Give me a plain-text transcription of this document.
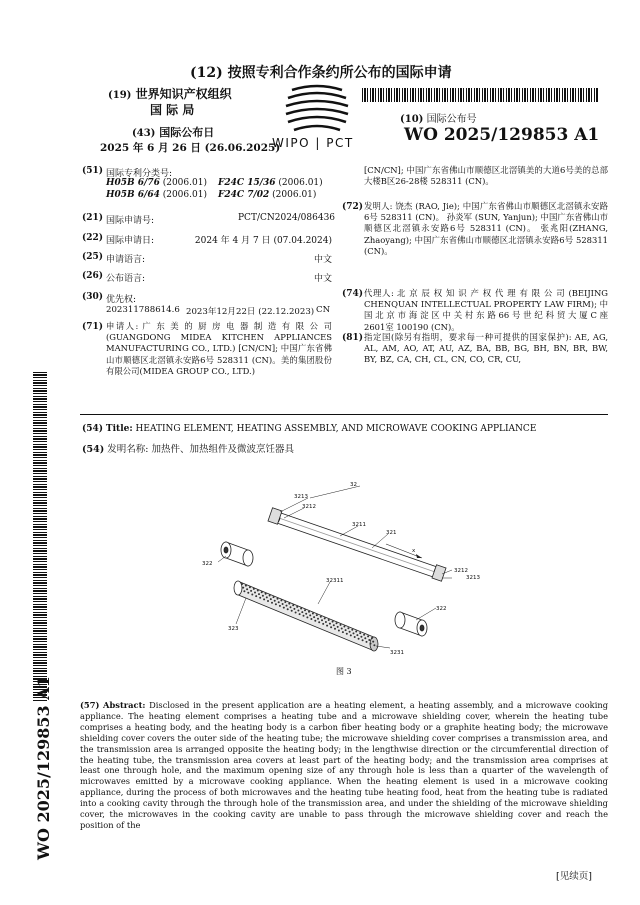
(12) 按照专利合作条约所公布的国际申请
(19) 世界知识产权组织
国 际 局
(43) 国际公布日
2025 年 6 月 26 日 (26.06.2025)
WIPO | PCT
(10) 国际公布号
WO 2025/129853 A1
(51) 国际专利分类号:
H05B 6/76 (2006.01) F24C 15/36 (2006.01)
H05B 6/64 (2006.01) F24C 7/02 (2006.01)
(21) 国际申请号:	PCT/CN2024/086436
(22) 国际申请日:	2024 年 4 月 7 日 (07.04.2024)
(25) 申请语言:	中文
(26) 公布语言:	中文
(30) 优先权:
202311788614.6 2023年12月22日 (22.12.2023) CN
(71) 申请人: 广 东 美 的 厨 房 电 器 制 造 有 限 公 司(GUANGDONG MIDEA KITCHEN APPLIANCES MANUFACTURING CO., LTD.) [CN/CN]; 中国广东省佛山市顺德区北滘镇永安路6号 528311 (CN)。美的集团股份有限公司(MIDEA GROUP CO., LTD.)
[CN/CN]; 中国广东省佛山市顺德区北滘镇美的大道6号美的总部大楼B区26-28楼 528311 (CN)。
(72) 发明人: 饶杰 (RAO, Jie); 中国广东省佛山市顺德区北滘镇永安路6号 528311 (CN)。 孙炎军 (SUN, Yanjun); 中国广东省佛山市顺德区北滘镇永安路6号 528311 (CN)。 张兆阳(ZHANG, Zhaoyang); 中国广东省佛山市顺德区北滘镇永安路6号 528311 (CN)。
(74) 代理人: 北 京 辰 权 知 识 产 权 代 理 有 限 公 司 (BEIJING CHENQUAN INTELLECTUAL PROPERTY LAW FIRM); 中 国 北 京 市 海 淀 区 中 关 村 东 路 66 号 世 纪 科 贸 大 厦 C 座 2601室 100190 (CN)。
(81) 指定国(除另有指明，要求每一种可提供的国家保护): AE, AG, AL, AM, AO, AT, AU, AZ, BA, BB, BG, BH, BN, BR, BW, BY, BZ, CA, CH, CL, CN, CO, CR, CU,
(54) Title: HEATING ELEMENT, HEATING ASSEMBLY, AND MICROWAVE COOKING APPLIANCE
(54) 发明名称: 加热件、加热组件及微波烹饪器具
32
3213
3212
3211
321
x
3212
3213
322
32311
323
322
3231
图 3
(57) Abstract: Disclosed in the present application are a heating element, a heating assembly, and a microwave cooking appliance. The heating element comprises a heating tube and a microwave shielding cover, wherein the heating tube comprises a heating body, and the heating body is a carbon fiber heating body or a graphite heating body; the microwave shielding cover covers the outer side of the heating tube; the microwave shielding cover comprises a transmission area, and the transmission area is arranged opposite the heating body; in the lengthwise direction or the circumferential direction of the heating tube, the transmission area covers at least part of the heating body; and the transmission area comprises at least one through hole, and the maximum opening size of any through hole is less than a quarter of the wavelength of microwaves emitted by a microwave cooking appliance. When the heating element is used in a microwave cooking appliance, during the process of both microwaves and the heating tube heating food, heat from the heating tube is radiated into a cooking cavity through the through hole of the transmission area, and under the shielding of the microwave shielding cover, the microwaves in the cooking cavity are unable to pass through the microwave shielding cover and reach the position of the
WO 2025/129853 A1
[见续页]
